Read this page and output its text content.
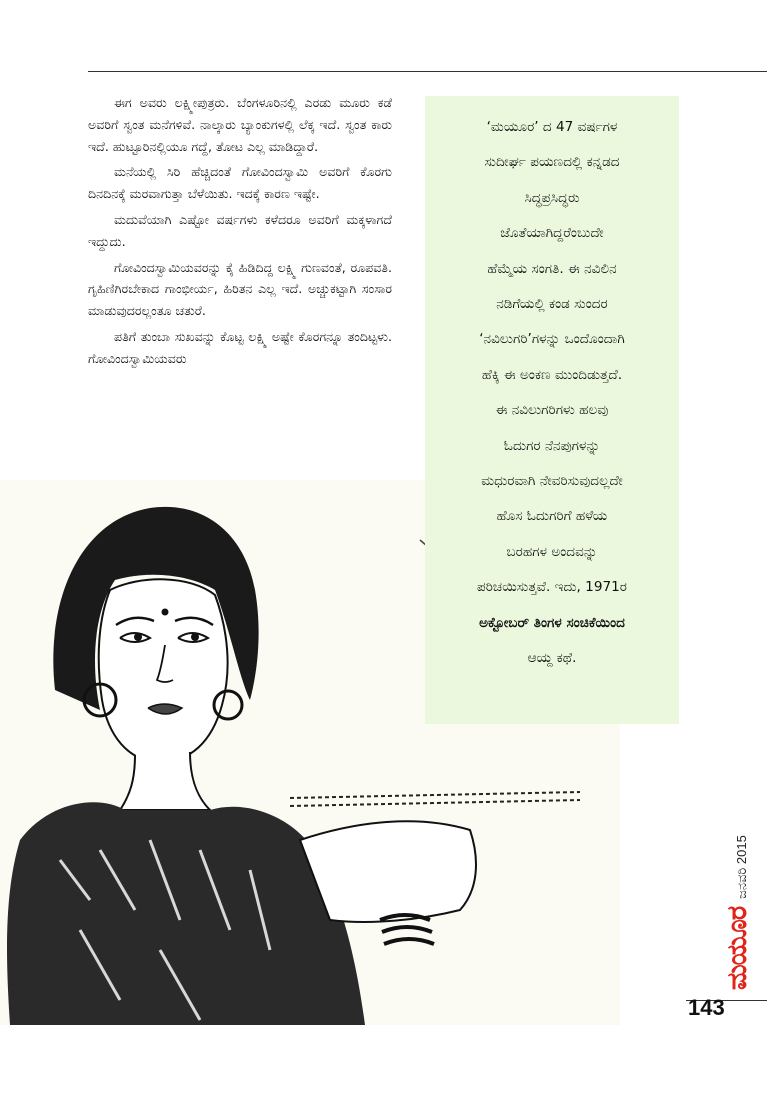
ಈಗ ಅವರು ಲಕ್ಷ್ಮೀಪುತ್ರರು. ಬೆಂಗಳೂರಿನಲ್ಲಿ ಎರಡು ಮೂರು ಕಡೆ ಅವರಿಗೆ ಸ್ವಂತ ಮನೆಗಳಿವೆ. ನಾಲ್ಕಾರು ಬ್ಯಾಂಕುಗಳಲ್ಲಿ ಲೆಕ್ಕ ಇದೆ. ಸ್ವಂತ ಕಾರು ಇದೆ. ಹುಟ್ಟೂರಿನಲ್ಲಿಯೂ ಗದ್ದೆ, ತೋಟ ಎಲ್ಲ ಮಾಡಿದ್ದಾರೆ.

ಮನೆಯಲ್ಲಿ ಸಿರಿ ಹೆಚ್ಚಿದಂತೆ ಗೋವಿಂದಸ್ವಾಮಿ ಅವರಿಗೆ ಕೊರಗು ದಿನದಿನಕ್ಕೆ ಮರವಾಗುತ್ತಾ ಬೆಳೆಯಿತು. ಇದಕ್ಕೆ ಕಾರಣ ಇಷ್ಟೇ.

ಮದುವೆಯಾಗಿ ಎಷ್ಟೋ ವರ್ಷಗಳು ಕಳೆದರೂ ಅವರಿಗೆ ಮಕ್ಕಳಾಗದೆ ಇದ್ದುದು.

ಗೋವಿಂದಸ್ವಾಮಿಯವರನ್ನು ಕೈ ಹಿಡಿದಿದ್ದ ಲಕ್ಷ್ಮಿ ಗುಣವಂತೆ, ರೂಪವತಿ. ಗೃಹಿಣಿಗಿರಬೇಕಾದ ಗಾಂಭೀರ್ಯ, ಹಿರಿತನ ಎಲ್ಲ ಇದೆ. ಅಚ್ಚುಕಟ್ಟಾಗಿ ಸಂಸಾರ ಮಾಡುವುದರಲ್ಲಂತೂ ಚತುರೆ.

ಪತಿಗೆ ತುಂಬಾ ಸುಖವನ್ನು ಕೊಟ್ಟ ಲಕ್ಷ್ಮಿ ಅಷ್ಟೇ ಕೊರಗನ್ನೂ ತಂದಿಟ್ಟಳು. ಗೋವಿಂದಸ್ವಾಮಿಯವರು

‘ಮಯೂರ’ ದ 47 ವರ್ಷಗಳ

ಸುದೀರ್ಘ ಪಯಣದಲ್ಲಿ ಕನ್ನಡದ

ಸಿದ್ಧಪ್ರಸಿದ್ಧರು

ಜೊತೆಯಾಗಿದ್ದರೆಂಬುದೇ

ಹೆಮ್ಮೆಯ ಸಂಗತಿ. ಈ ನವಿಲಿನ

ನಡಿಗೆಯಲ್ಲಿ ಕಂಡ ಸುಂದರ

‘ನವಿಲುಗರಿ’ಗಳನ್ನು ಒಂದೊಂದಾಗಿ

ಹೆಕ್ಕಿ ಈ ಅಂಕಣ ಮುಂದಿಡುತ್ತದೆ.

ಈ ನವಿಲುಗರಿಗಳು ಹಲವು

ಓದುಗರ ನೆನಪುಗಳನ್ನು

ಮಧುರವಾಗಿ ನೇವರಿಸುವುದಲ್ಲದೇ

ಹೊಸ ಓದುಗರಿಗೆ ಹಳೆಯ

ಬರಹಗಳ ಅಂದವನ್ನು

ಪರಿಚಯಿಸುತ್ತವೆ. ಇದು, 1971ರ

ಅಕ್ಟೋಬರ್ ತಿಂಗಳ ಸಂಚಿಕೆಯಿಂದ

ಆಯ್ದ ಕಥೆ.

ಮಯೂರ
ಜನವರಿ 2015
143
